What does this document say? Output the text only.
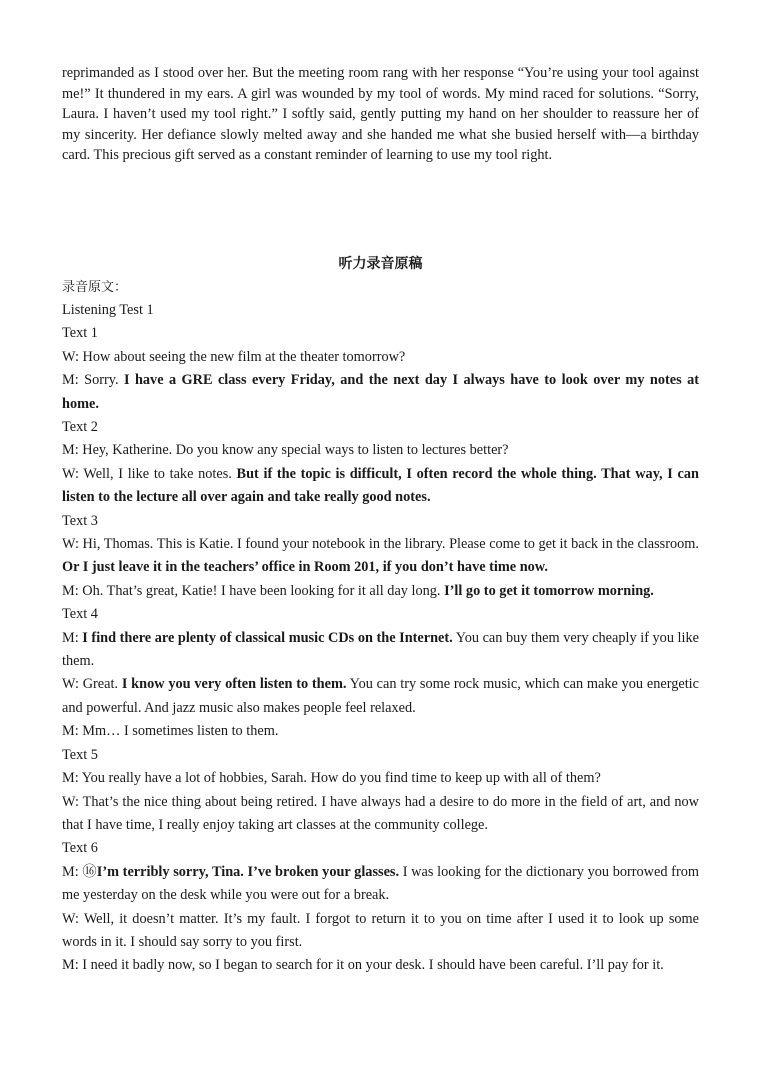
reprimanded as I stood over her. But the meeting room rang with her response “You’re using your tool against me!” It thundered in my ears. A girl was wounded by my tool of words. My mind raced for solutions. “Sorry, Laura. I haven’t used my tool right.” I softly said, gently putting my hand on her shoulder to reassure her of my sincerity. Her defiance slowly melted away and she handed me what she busied herself with—a birthday card. This precious gift served as a constant reminder of learning to use my tool right.
听力录音原稿
录音原文：
Listening Test 1
Text 1
W: How about seeing the new film at the theater tomorrow?
M: Sorry. I have a GRE class every Friday, and the next day I always have to look over my notes at home.
Text 2
M: Hey, Katherine. Do you know any special ways to listen to lectures better?
W: Well, I like to take notes. But if the topic is difficult, I often record the whole thing. That way, I can listen to the lecture all over again and take really good notes.
Text 3
W: Hi, Thomas. This is Katie. I found your notebook in the library. Please come to get it back in the classroom. Or I just leave it in the teachers’ office in Room 201, if you don’t have time now.
M: Oh. That’s great, Katie! I have been looking for it all day long. I’ll go to get it tomorrow morning.
Text 4
M: I find there are plenty of classical music CDs on the Internet. You can buy them very cheaply if you like them.
W: Great. I know you very often listen to them. You can try some rock music, which can make you energetic and powerful. And jazz music also makes people feel relaxed.
M: Mm… I sometimes listen to them.
Text 5
M: You really have a lot of hobbies, Sarah. How do you find time to keep up with all of them?
W: That’s the nice thing about being retired. I have always had a desire to do more in the field of art, and now that I have time, I really enjoy taking art classes at the community college.
Text 6
M: ⑯I’m terribly sorry, Tina. I’ve broken your glasses. I was looking for the dictionary you borrowed from me yesterday on the desk while you were out for a break.
W: Well, it doesn’t matter. It’s my fault. I forgot to return it to you on time after I used it to look up some words in it. I should say sorry to you first.
M: I need it badly now, so I began to search for it on your desk. I should have been careful. I’ll pay for it.
